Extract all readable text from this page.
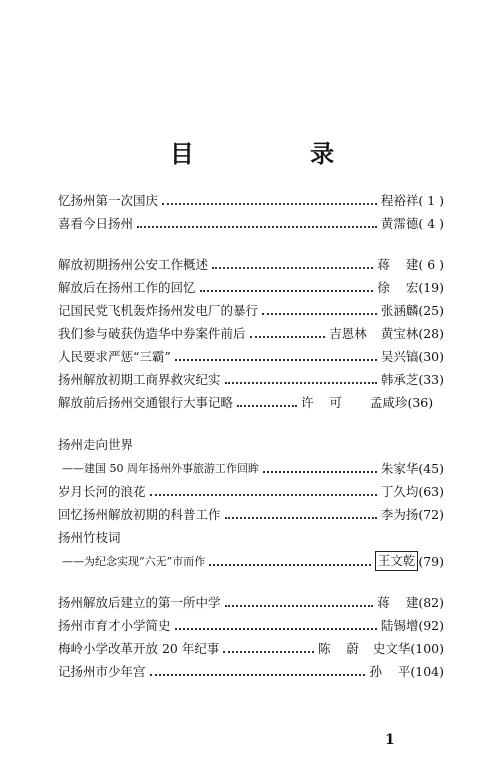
目 录
忆扬州第一次国庆	程裕祥 ( 1 )
喜看今日扬州	黄霈德 ( 4 )
解放初期扬州公安工作概述	蒋    建 ( 6 )
解放后在扬州工作的回忆	徐    宏 (19)
记国民党飞机轰炸扬州发电厂的暴行	张涵麟 (25)
我们参与破获伪造华中券案件前后	吉恩林 黄宝林 (28)
人民要求严惩“三霸”	吴兴镐 (30)
扬州解放初期工商界救灾纪实	韩承芝 (33)
解放前后扬州交通银行大事记略	许    可 孟咸珍 (36)
扬州走向世界
——建国 50 周年扬州外事旅游工作回眸	朱家华 (45)
岁月长河的浪花	丁久均 (63)
回忆扬州解放初期的科普工作	李为扬 (72)
扬州竹枝词
——为纪念实现“六无”市而作	王文乾 (79)
扬州解放后建立的第一所中学	蒋    建 (82)
扬州市育才小学简史	陆锡增 (92)
梅岭小学改革开放 20 年纪事	陈    蔚 史文华 (100)
记扬州市少年宫	孙    平 (104)
1
